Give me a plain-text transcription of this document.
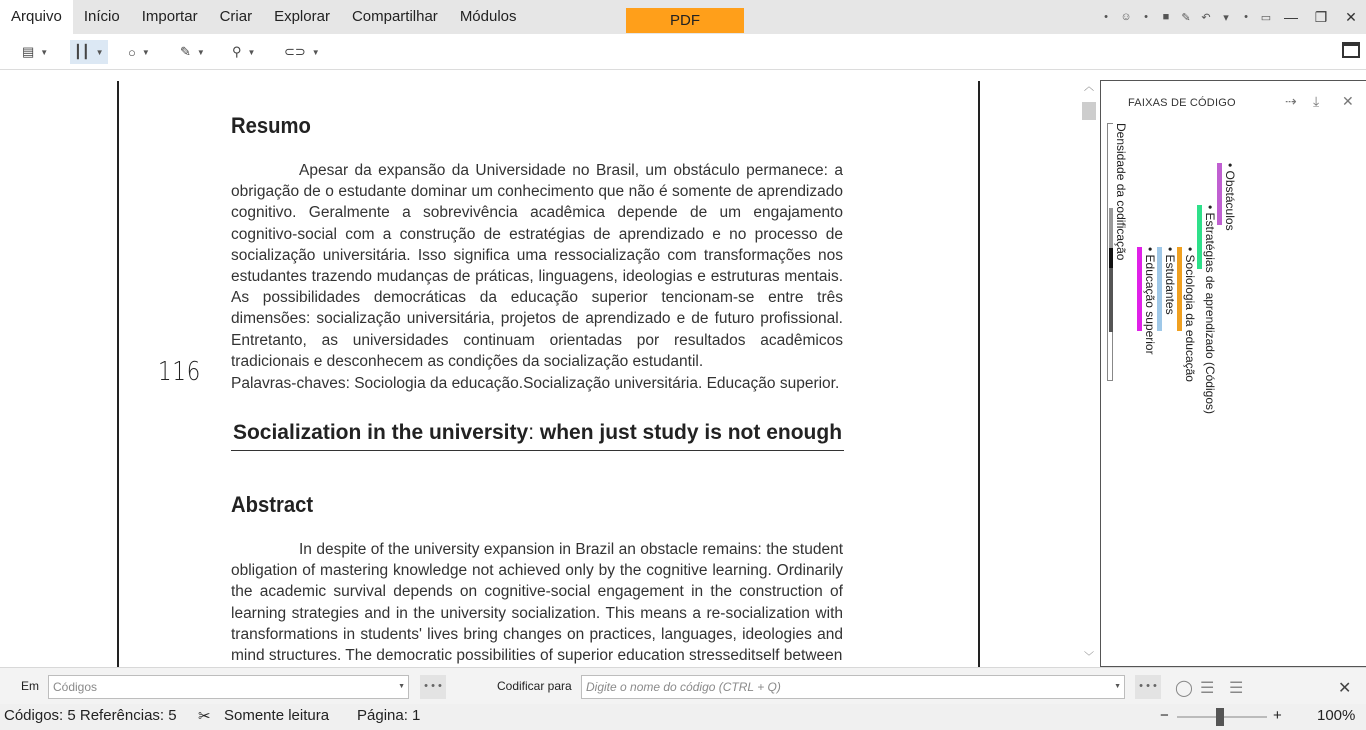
Arquivo	Início	Importar	Criar	Explorar	Compartilhar	Módulos	PDF	•	☺	•	■	✎ ↶	▾	•	▭ —	❐	✕
▤ ▼ ┃┃ ▼ ○ ▼ ✎ ▼ ⚲ ▼ ⊂⊃ ▼
116
Resumo
Apesar da expansão da Universidade no Brasil, um obstáculo permanece: a obrigação de o estudante dominar um conhecimento que não é somente de aprendizado cognitivo. Geralmente a sobrevivência acadêmica depende de um engajamento cognitivo-social com a construção de estratégias de aprendizado e no processo de socialização universitária. Isso significa uma ressocialização com transformações nos estudantes trazendo mudanças de práticas, linguagens, ideologias e estruturas mentais. As possibilidades democráticas da educação superior tencionam-se entre três dimensões: socialização universitária, projetos de aprendizado e de futuro profissional. Entretanto, as universidades continuam orientadas por resultados acadêmicos tradicionais e desconhecem as condições da socialização estudantil.
Palavras-chaves: Sociologia da educação.Socialização universitária. Educação superior.
Socialization in the university: when just study is not enough
Abstract
In despite of the university expansion in Brazil an obstacle remains: the student obligation of mastering knowledge not achieved only by the cognitive learning. Ordinarily the academic survival depends on cognitive-social engagement in the construction of learning strategies and in the university socialization. This means a re-socialization with transformations in students' lives bring changes on practices, languages, ideologies and mind structures. The democratic possibilities of superior education stresseditself between
︿
﹀
FAIXAS DE CÓDIGO	⇢ ⤓ ✕
Densidade da codificação
• Educação superior • Estudantes • Sociologia da educação • Estratégias de aprendizado (Códigos)
• Obstáculos
Em	Códigos	▼	• • •	Codificar para	Digite o nome do código (CTRL + Q)	▼	• • • ◯ ☰ ☰	✕
Códigos: 5 Referências: 5 ✂ Somente leitura Página: 1	−	+ 100%
